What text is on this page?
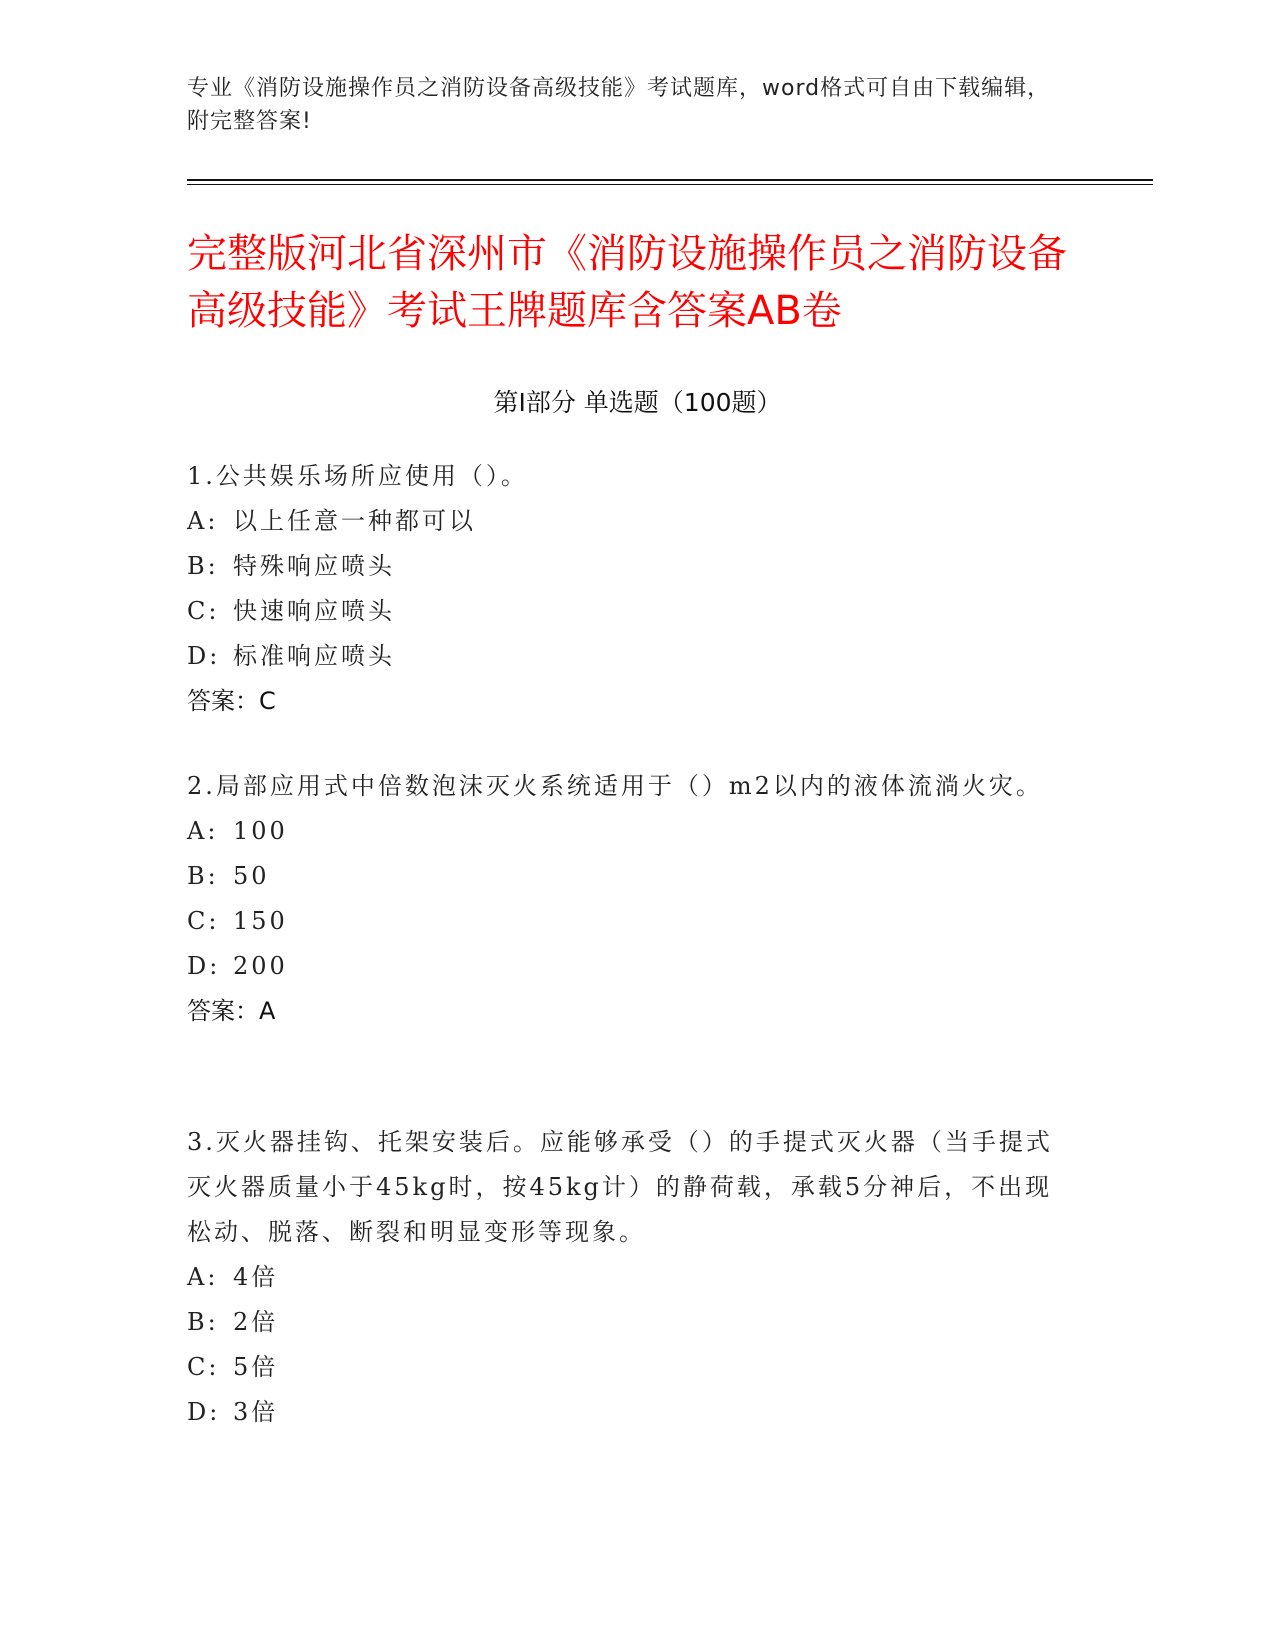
专业《消防设施操作员之消防设备高级技能》考试题库，word格式可自由下载编辑，附完整答案!
完整版河北省深州市《消防设施操作员之消防设备高级技能》考试王牌题库含答案AB卷
第I部分 单选题（100题）
1.公共娱乐场所应使用（）。
A: 以上任意一种都可以
B: 特殊响应喷头
C: 快速响应喷头
D: 标准响应喷头
答案：C
2.局部应用式中倍数泡沫灭火系统适用于（）m2以内的液体流淌火灾。
A: 100
B: 50
C: 150
D: 200
答案：A
3.灭火器挂钩、托架安装后。应能够承受（）的手提式灭火器（当手提式灭火器质量小于45kg时，按45kg计）的静荷载，承载5分神后，不出现松动、脱落、断裂和明显变形等现象。
A: 4倍
B: 2倍
C: 5倍
D: 3倍
